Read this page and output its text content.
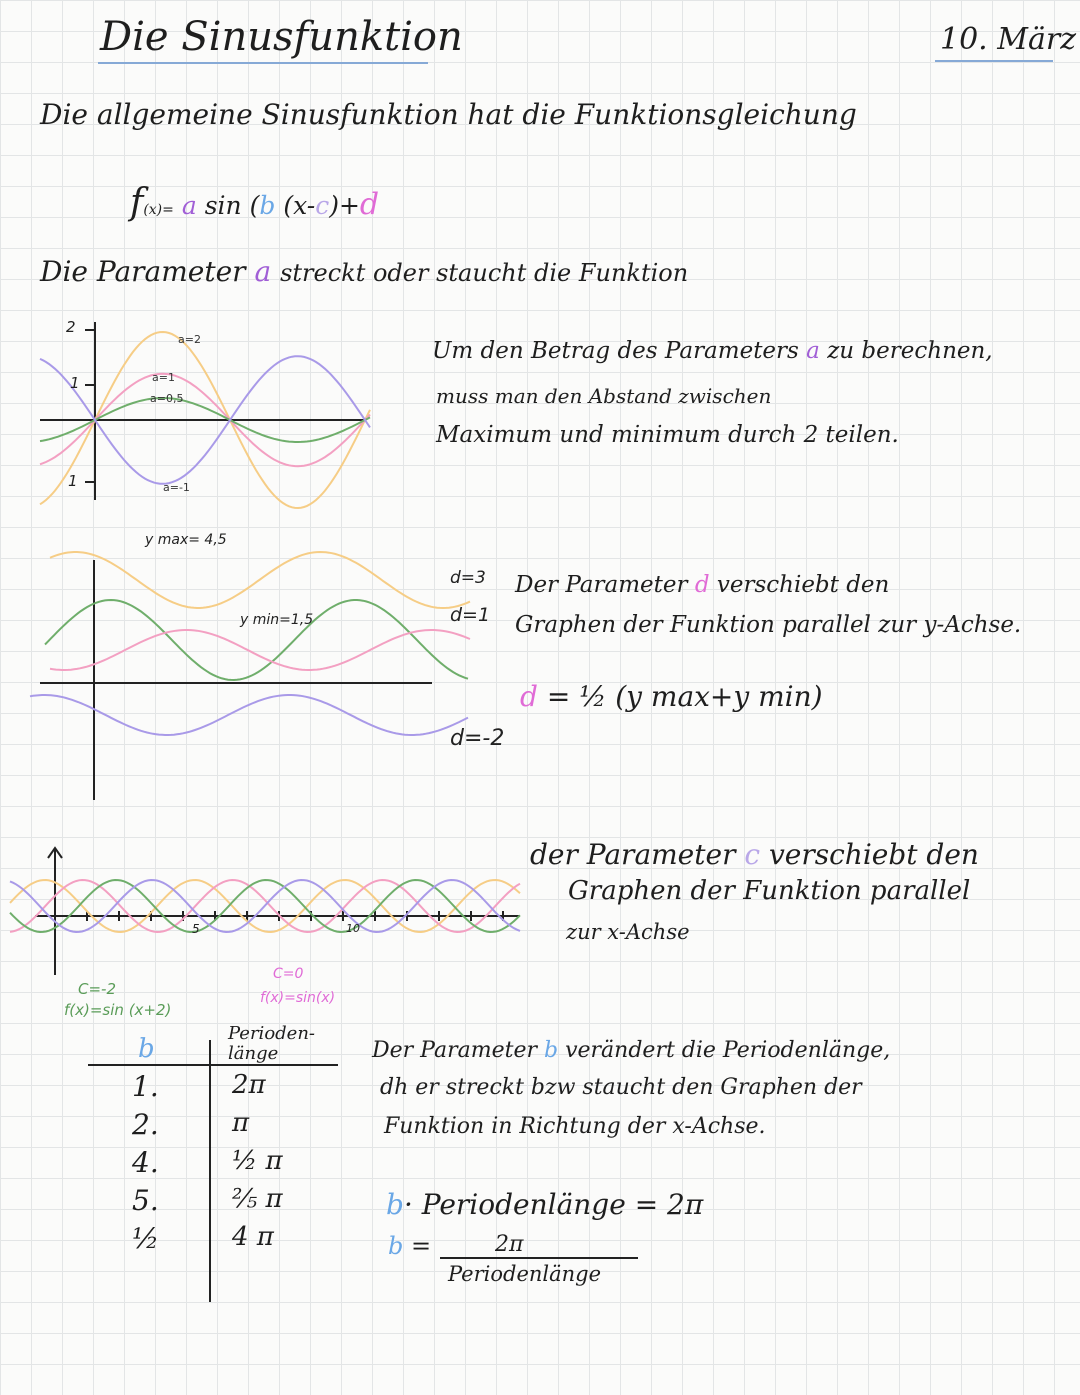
Die Sinusfunktion	10. März
Die allgemeine Sinusfunktion hat die Funktionsgleichung
f(x)= a sin (b (x-c)+d
Die Parameter a streckt oder staucht die Funktion
2
1
1
a=2
a=1
a=0,5
a=-1
Um den Betrag des Parameters a zu berechnen,
muss man den Abstand zwischen
Maximum und minimum durch 2 teilen.
y max= 4,5
y min=1,5
d=3
d=1
d=-2
Der Parameter d verschiebt den
Graphen der Funktion parallel zur y-Achse.
d = ½ (y max+y min)
5	10
C=-2
f(x)=sin (x+2)
C=0
f(x)=sin(x)
der Parameter c verschiebt den
Graphen der Funktion parallel
zur x-Achse
b
Perioden-länge
1.	2π
2.	π
4.	½ π
5.	⅖ π
½	4 π
Der Parameter b verändert die Periodenlänge,
dh er streckt bzw staucht den Graphen der
Funktion in Richtung der x-Achse.
b· Periodenlänge = 2π
b =	2π
Periodenlänge
